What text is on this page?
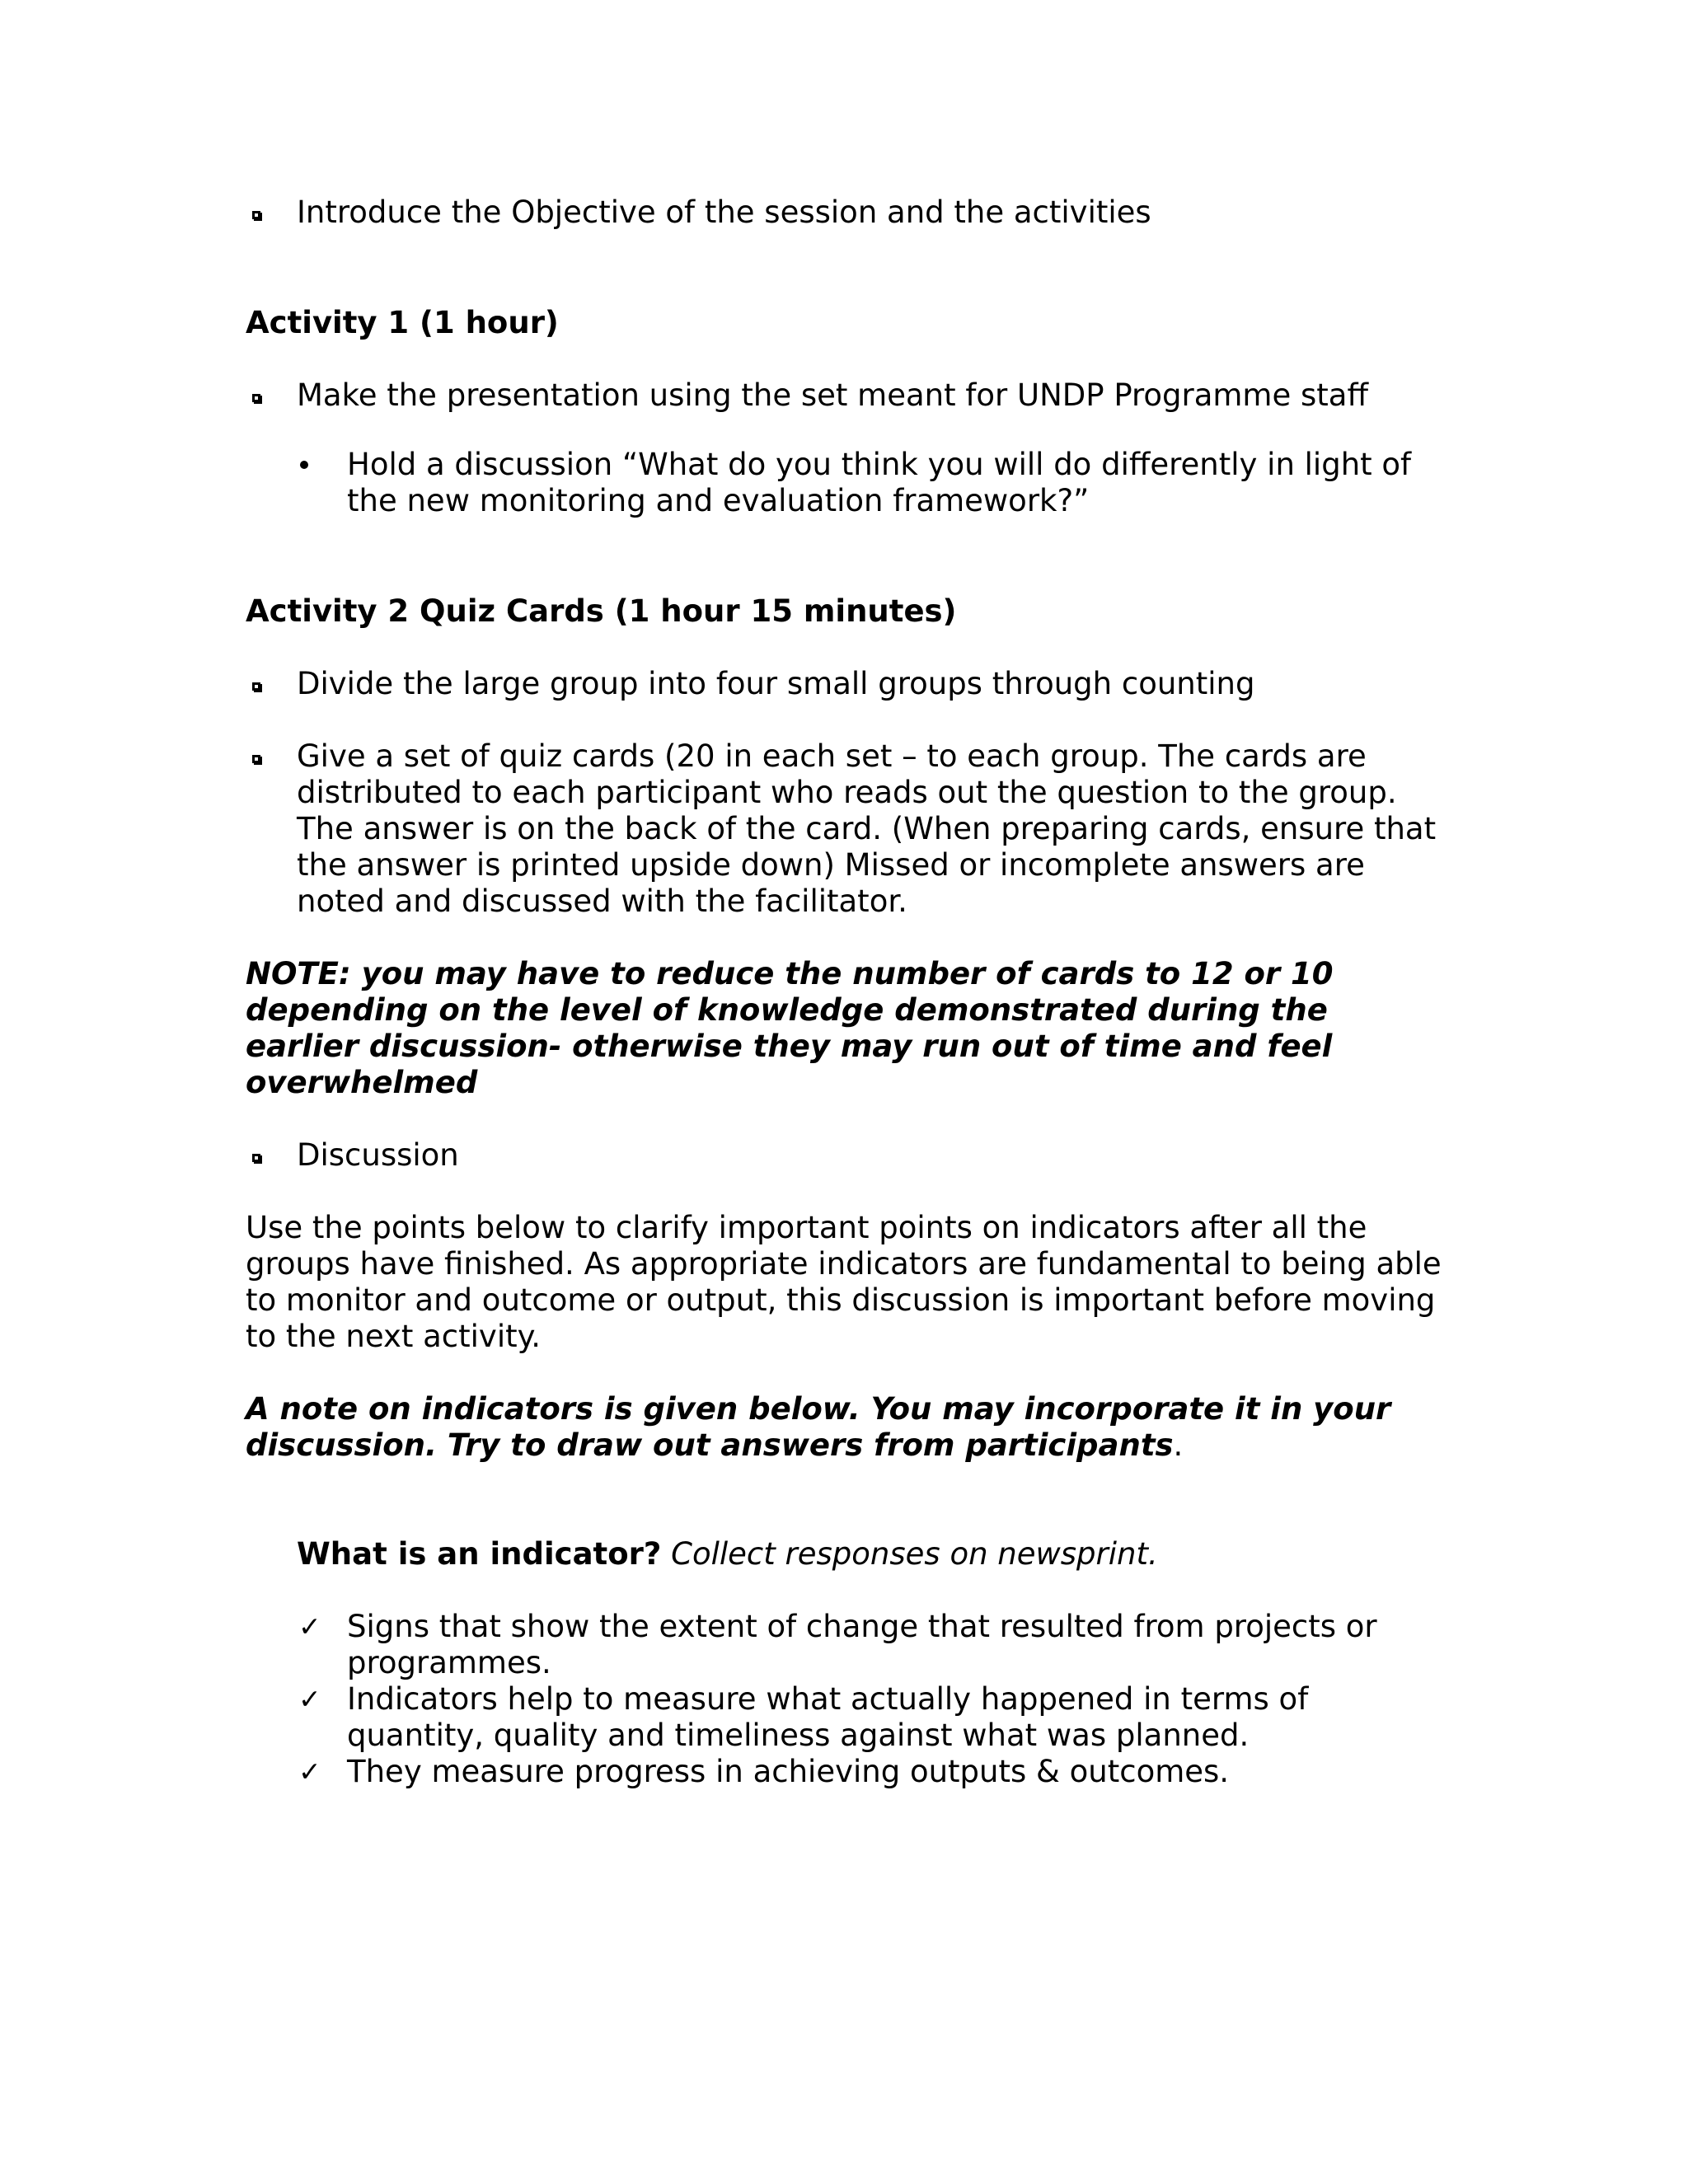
Introduce the Objective of the session and the activities

Activity 1 (1 hour)

Make the presentation using the set meant for UNDP Programme staff

Hold a discussion “What do you think you will do differently in light of the new monitoring and evaluation framework?”

Activity 2 Quiz Cards (1 hour 15 minutes)

Divide the large group into four small groups through counting

Give a set of quiz cards (20 in each set – to each group. The cards are distributed to each participant who reads out the question to the group. The answer is on the back of the card. (When preparing cards, ensure that the answer is printed upside down) Missed or incomplete answers are noted and discussed with the facilitator.

NOTE: you may have to reduce the number of cards to 12 or 10 depending on the level of knowledge demonstrated during the earlier discussion- otherwise they may run out of time and feel overwhelmed

Discussion

Use the points below to clarify important points on indicators after all the groups have finished. As appropriate indicators are fundamental to being able to monitor and outcome or output, this discussion is important before moving to the next activity.

A note on indicators is given below. You may incorporate it in your discussion. Try to draw out answers from participants.

What is an indicator? Collect responses on newsprint.

✓ Signs that show the extent of change that resulted from projects or programmes.

✓ Indicators help to measure what actually happened in terms of quantity, quality and timeliness against what was planned.

✓ They measure progress in achieving outputs & outcomes.
